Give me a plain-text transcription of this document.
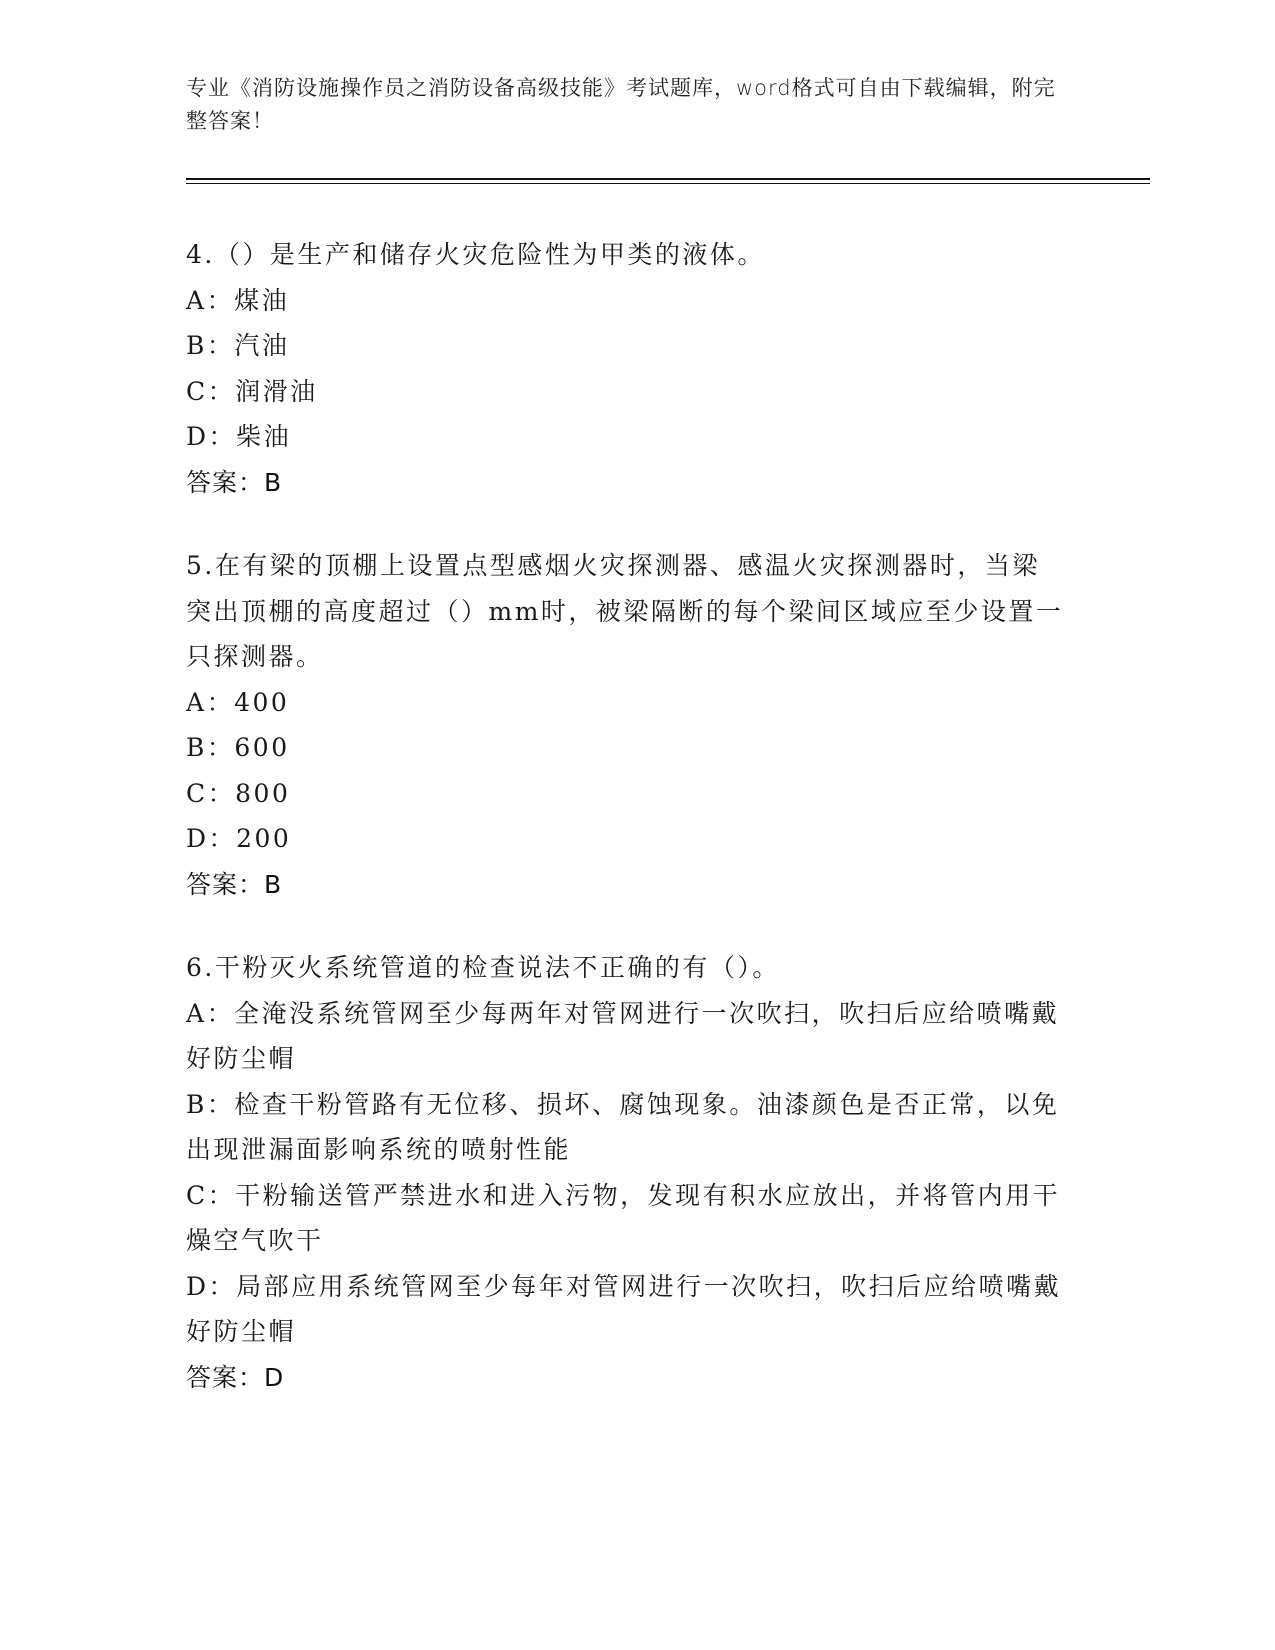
专业《消防设施操作员之消防设备高级技能》考试题库，word格式可自由下载编辑，附完整答案！
4.（）是生产和储存火灾危险性为甲类的液体。
A：煤油
B：汽油
C：润滑油
D：柴油
答案：B
5.在有梁的顶棚上设置点型感烟火灾探测器、感温火灾探测器时，当梁突出顶棚的高度超过（）mm时，被梁隔断的每个梁间区域应至少设置一只探测器。
A：400
B：600
C：800
D：200
答案：B
6.干粉灭火系统管道的检查说法不正确的有（）。
A：全淹没系统管网至少每两年对管网进行一次吹扫，吹扫后应给喷嘴戴好防尘帽
B：检查干粉管路有无位移、损坏、腐蚀现象。油漆颜色是否正常，以免出现泄漏面影响系统的喷射性能
C：干粉输送管严禁进水和进入污物，发现有积水应放出，并将管内用干燥空气吹干
D：局部应用系统管网至少每年对管网进行一次吹扫，吹扫后应给喷嘴戴好防尘帽
答案：D
